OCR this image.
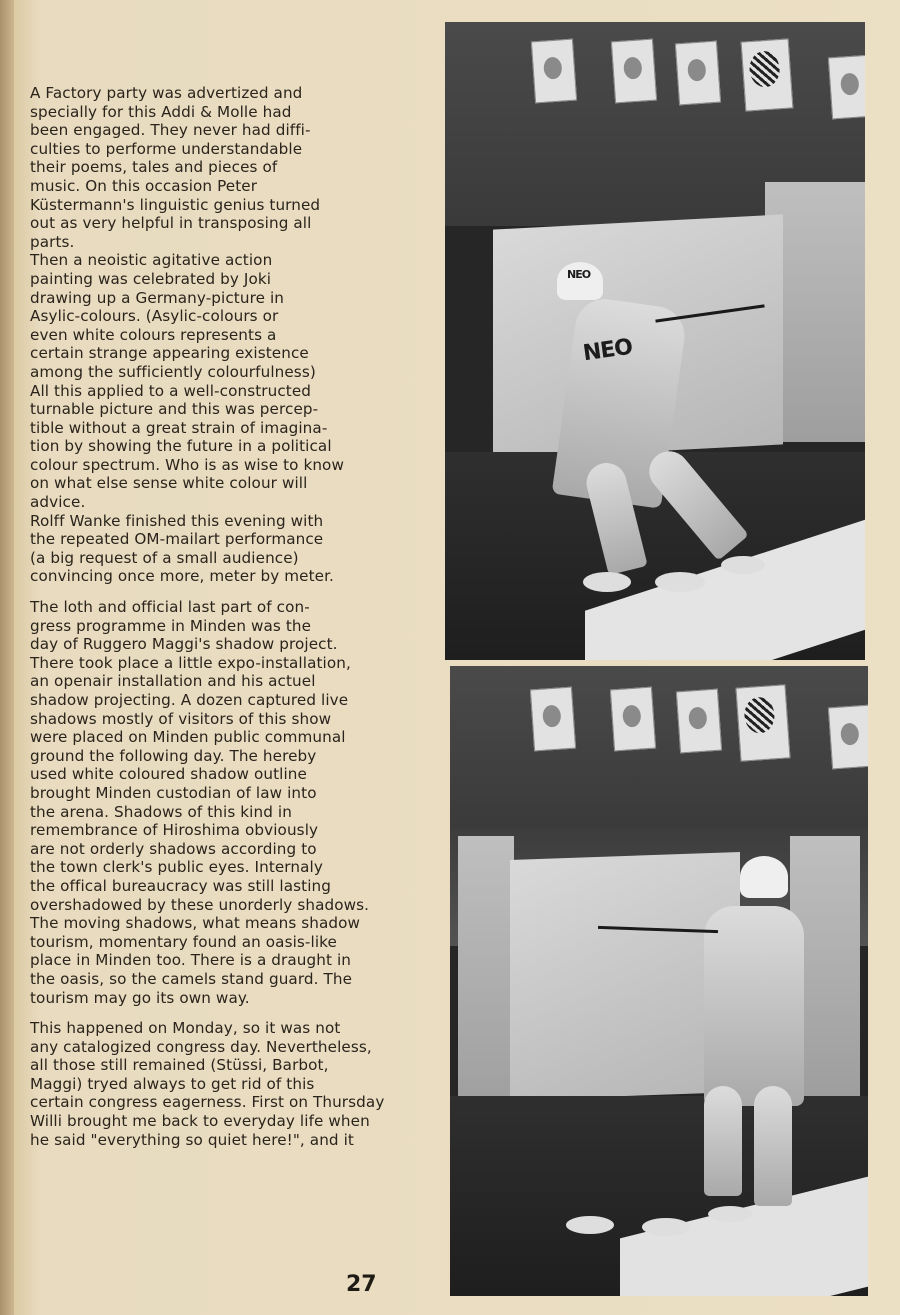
A Factory party was advertized and
specially for this Addi & Molle had
been engaged. They never had diffi-
culties to performe understandable
their poems, tales and pieces of
music. On this occasion Peter
Küstermann's linguistic genius turned
out as very helpful in transposing all
parts.
Then a neoistic agitative action
painting was celebrated by Joki
drawing up a Germany-picture in
Asylic-colours. (Asylic-colours or
even white colours represents a
certain strange appearing existence
among the sufficiently colourfulness)
All this applied to a well-constructed
turnable picture and this was percep-
tible without a great strain of imagina-
tion by showing the future in a political
colour spectrum. Who is as wise to know
on what else sense white colour will
advice.
Rolff Wanke finished this evening with
the repeated OM-mailart performance
(a big request of a small audience)
convincing once more, meter by meter.

The loth and official last part of con-
gress programme in Minden was the
day of Ruggero Maggi's shadow project.
There took place a little expo-installation,
an openair installation and his actuel
shadow projecting. A dozen captured live
shadows mostly of visitors of this show
were placed on Minden public communal
ground the following day. The hereby
used white coloured shadow outline
brought Minden custodian of law into
the arena. Shadows of this kind in
remembrance of Hiroshima obviously
are not orderly shadows according to
the town clerk's public eyes. Internaly
the offical bureaucracy was still lasting
overshadowed by these unorderly shadows.
The moving shadows, what means shadow
tourism, momentary found an oasis-like
place in Minden too. There is a draught in
the oasis, so the camels stand guard. The
tourism may go its own way.

This happened on Monday, so it was not
any catalogized congress day. Nevertheless,
all those still remained (Stüssi, Barbot,
Maggi) tryed always to get rid of this
certain congress eagerness. First on Thursday
Willi brought me back to everyday life when
he said "everything so quiet here!", and it

NEO
NEO
27
